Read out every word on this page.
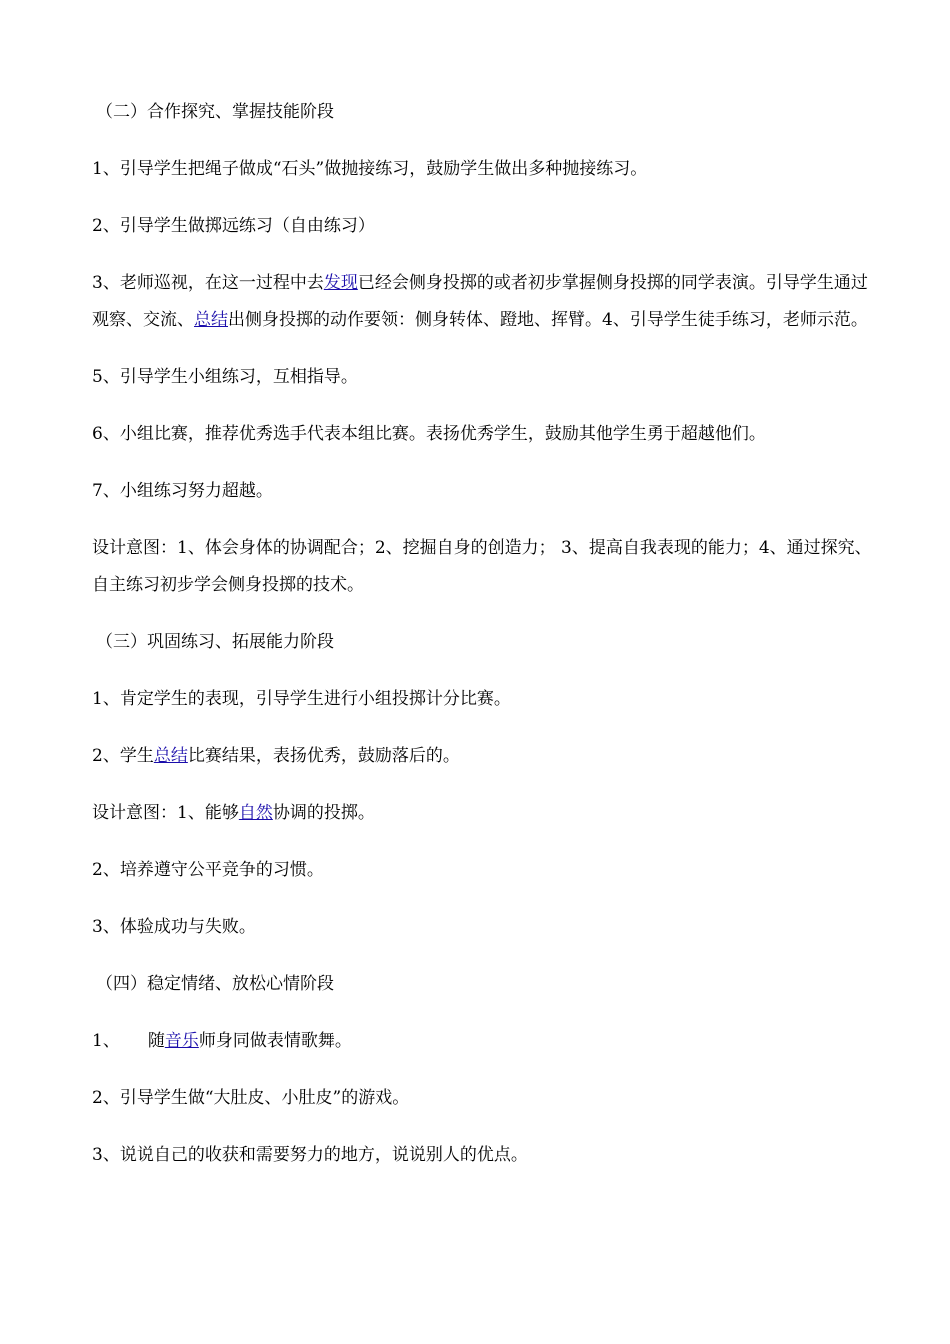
（二）合作探究、掌握技能阶段

1、引导学生把绳子做成“石头”做抛接练习，鼓励学生做出多种抛接练习。

2、引导学生做掷远练习（自由练习）

3、老师巡视，在这一过程中去发现已经会侧身投掷的或者初步掌握侧身投掷的同学表演。引导学生通过观察、交流、总结出侧身投掷的动作要领：侧身转体、蹬地、挥臂。4、引导学生徒手练习，老师示范。

5、引导学生小组练习，互相指导。

6、小组比赛，推荐优秀选手代表本组比赛。表扬优秀学生，鼓励其他学生勇于超越他们。

7、小组练习努力超越。

设计意图：1、体会身体的协调配合；2、挖掘自身的创造力； 3、提高自我表现的能力；4、通过探究、自主练习初步学会侧身投掷的技术。

（三）巩固练习、拓展能力阶段

1、肯定学生的表现，引导学生进行小组投掷计分比赛。

2、学生总结比赛结果，表扬优秀，鼓励落后的。

设计意图：1、能够自然协调的投掷。

2、培养遵守公平竞争的习惯。

3、体验成功与失败。

（四）稳定情绪、放松心情阶段

1、 随音乐师身同做表情歌舞。

2、引导学生做“大肚皮、小肚皮”的游戏。

3、说说自己的收获和需要努力的地方，说说别人的优点。
